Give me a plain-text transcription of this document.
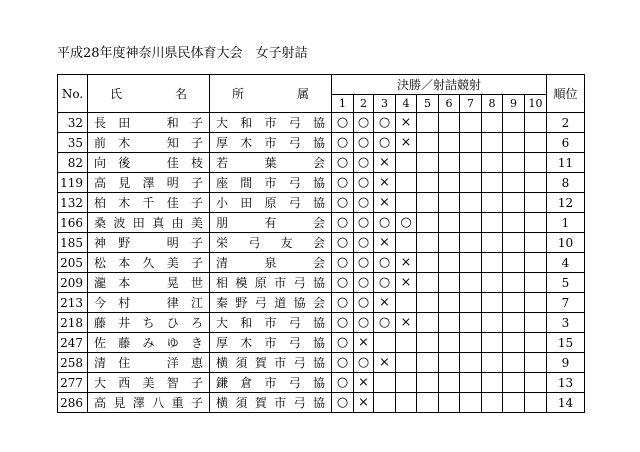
平成28年度神奈川県民体育大会　女子射詰
No.	氏 名	所 属	決勝／射詰競射										順位
			1	2	3	4	5	6	7	8	9	10	
32	長田　和子	大和市弓協	○	○	○	×							2
35	前木　知子	厚木市弓協	○	○	○	×							6
82	向後　佳枝	若葉会	○	○	×								11
119	高見澤明子	座間市弓協	○	○	×								8
132	柏木千佳子	小田原弓協	○	○	×								12
166	桑波田真由美	朋有会	○	○	○	○							1
185	神野　明子	栄弓友会	○	○	×								10
205	松本久美子	清泉会	○	○	○	×							4
209	瀧本　晃世	相模原市弓協	○	○	○	×							5
213	今村　律江	秦野弓道協会	○	○	×								7
218	藤井ちひろ	大和市弓協	○	○	○	×							3
247	佐藤みゆき	厚木市弓協	○	×									15
258	清住　洋恵	横須賀市弓協	○	○	×								9
277	大西美智子	鎌倉市弓協	○	×									13
286	高見澤八重子	横須賀市弓協	○	×									14
